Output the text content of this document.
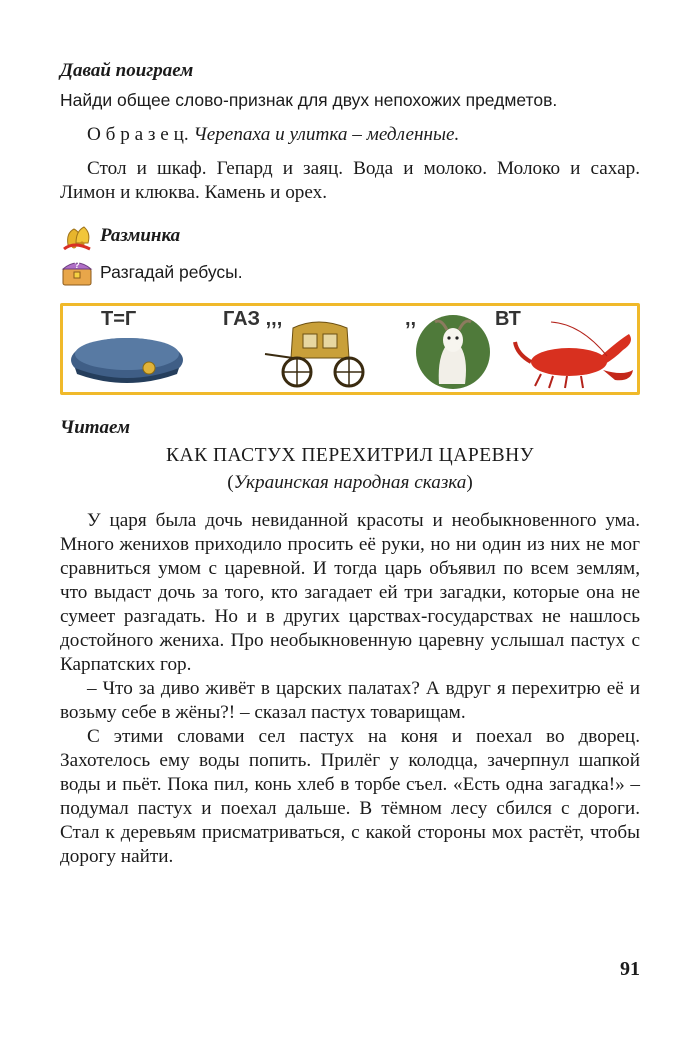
Давай поиграем
Найди общее слово-признак для двух непохожих предметов.
О б р а з е ц. Черепаха и улитка – медленные.
Стол и шкаф. Гепард и заяц. Вода и молоко. Молоко и сахар. Лимон и клюква. Камень и орех.
Разминка
? Разгадай ребусы.
Т=Г	ГАЗ ,,,	,,	ВТ
Читаем
КАК ПАСТУХ ПЕРЕХИТРИЛ ЦАРЕВНУ
(Украинская народная сказка)
У царя была дочь невиданной красоты и необыкновенного ума. Много женихов приходило просить её руки, но ни один из них не мог сравниться умом с царевной. И тогда царь объявил по всем землям, что выдаст дочь за того, кто загадает ей три загадки, которые она не сумеет разгадать. Но и в других царствах-государствах не нашлось достойного жениха. Про необыкновенную царевну услышал пастух с Карпатских гор.
– Что за диво живёт в царских палатах? А вдруг я перехитрю её и возьму себе в жёны?! – сказал пастух товарищам.
С этими словами сел пастух на коня и поехал во дворец. Захотелось ему воды попить. Прилёг у колодца, зачерпнул шапкой воды и пьёт. Пока пил, конь хлеб в торбе съел. «Есть одна загадка!» – подумал пастух и поехал дальше. В тёмном лесу сбился с дороги. Стал к деревьям присматриваться, с какой стороны мох растёт, чтобы дорогу найти.
91
